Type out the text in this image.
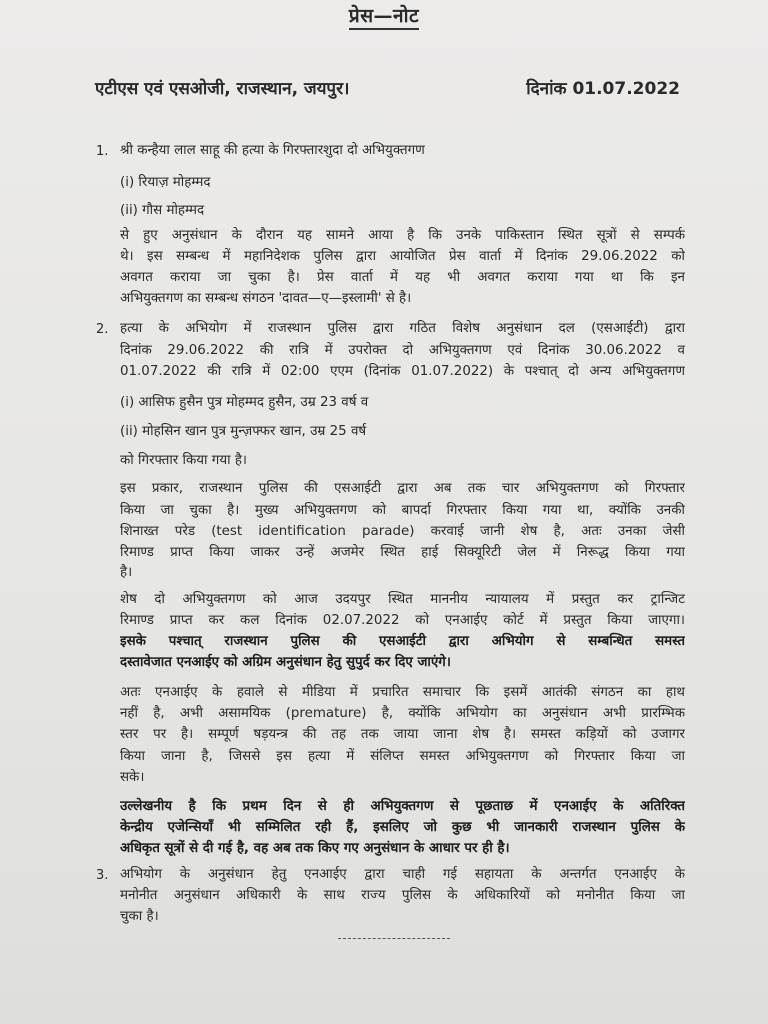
प्रेस—नोट
एटीएस एवं एसओजी, राजस्थान, जयपुर।	दिनांक 01.07.2022
1. श्री कन्हैया लाल साहू की हत्या के गिरफ्तारशुदा दो अभियुक्तगण
(i) रियाज़ मोहम्मद
(ii) गौस मोहम्मद
से हुए अनुसंधान के दौरान यह सामने आया है कि उनके पाकिस्तान स्थित सूत्रों से सम्पर्क
थे। इस सम्बन्ध में महानिदेशक पुलिस द्वारा आयोजित प्रेस वार्ता में दिनांक 29.06.2022 को
अवगत कराया जा चुका है। प्रेस वार्ता में यह भी अवगत कराया गया था कि इन
अभियुक्तगण का सम्बन्ध संगठन 'दावत—ए—इस्लामी' से है।
2. हत्या के अभियोग में राजस्थान पुलिस द्वारा गठित विशेष अनुसंधान दल (एसआईटी) द्वारा
दिनांक 29.06.2022 की रात्रि में उपरोक्त दो अभियुक्तगण एवं दिनांक 30.06.2022 व
01.07.2022 की रात्रि में 02:00 एएम (दिनांक 01.07.2022) के पश्चात् दो अन्य अभियुक्तगण
(i) आसिफ हुसैन पुत्र मोहम्मद हुसैन, उम्र 23 वर्ष व
(ii) मोहसिन खान पुत्र मुन्ज़फ्फर खान, उम्र 25 वर्ष
को गिरफ्तार किया गया है।
इस प्रकार, राजस्थान पुलिस की एसआईटी द्वारा अब तक चार अभियुक्तगण को गिरफ्तार
किया जा चुका है। मुख्य अभियुक्तगण को बापर्दा गिरफ्तार किया गया था, क्योंकि उनकी
शिनाख्त परेड (test identification parade) करवाई जानी शेष है, अतः उनका जेसी
रिमाण्ड प्राप्त किया जाकर उन्हें अजमेर स्थित हाई सिक्यूरिटी जेल में निरूद्ध किया गया
है।
शेष दो अभियुक्तगण को आज उदयपुर स्थित माननीय न्यायालय में प्रस्तुत कर ट्रान्जिट
रिमाण्ड प्राप्त कर कल दिनांक 02.07.2022 को एनआईए कोर्ट में प्रस्तुत किया जाएगा।
इसके पश्चात् राजस्थान पुलिस की एसआईटी द्वारा अभियोग से सम्बन्धित समस्त
दस्तावेजात एनआईए को अग्रिम अनुसंधान हेतु सुपुर्द कर दिए जाएंगे।
अतः एनआईए के हवाले से मीडिया में प्रचारित समाचार कि इसमें आतंकी संगठन का हाथ
नहीं है, अभी असामयिक (premature) है, क्योंकि अभियोग का अनुसंधान अभी प्रारम्भिक
स्तर पर है। सम्पूर्ण षड़यन्त्र की तह तक जाया जाना शेष है। समस्त कड़ियों को उजागर
किया जाना है, जिससे इस हत्या में संलिप्त समस्त अभियुक्तगण को गिरफ्तार किया जा
सके।
उल्लेखनीय है कि प्रथम दिन से ही अभियुक्तगण से पूछताछ में एनआईए के अतिरिक्त
केन्द्रीय एजेन्सियाँ भी सम्मिलित रही हैं, इसलिए जो कुछ भी जानकारी राजस्थान पुलिस के
अधिकृत सूत्रों से दी गई है, वह अब तक किए गए अनुसंधान के आधार पर ही है।
3. अभियोग के अनुसंधान हेतु एनआईए द्वारा चाही गई सहायता के अन्तर्गत एनआईए के
मनोनीत अनुसंधान अधिकारी के साथ राज्य पुलिस के अधिकारियों को मनोनीत किया जा
चुका है।
